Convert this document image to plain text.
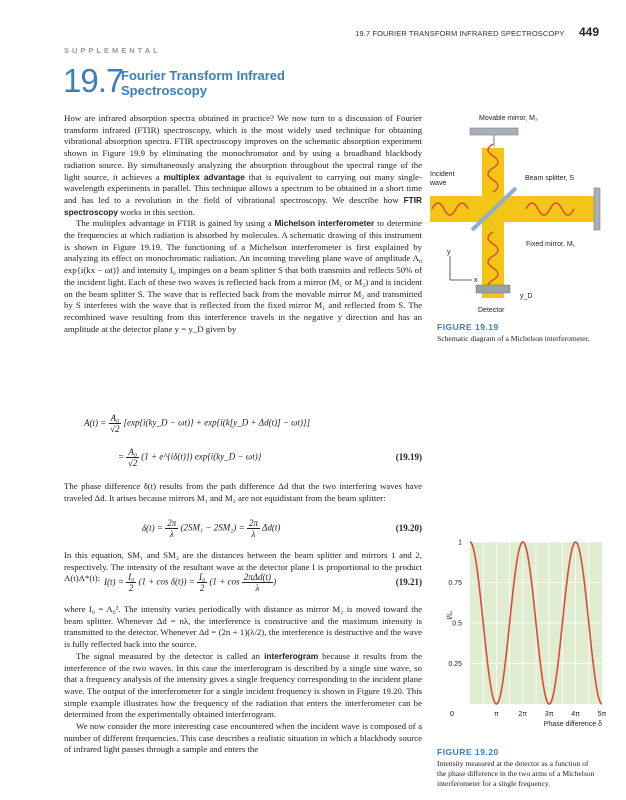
19.7 FOURIER TRANSFORM INFRARED SPECTROSCOPY 449
SUPPLEMENTAL
19.7
Fourier Transform Infrared
Spectroscopy

How are infrared absorption spectra obtained in practice? We now turn to a discussion of Fourier transform infrared (FTIR) spectroscopy, which is the most widely used technique for obtaining vibrational absorption spectra. FTIR spectroscopy improves on the schematic absorption experiment shown in Figure 19.9 by eliminating the monochromator and by using a broadband blackbody radiation source. By simultaneously analyzing the absorption throughout the spectral range of the light source, it achieves a multiplex advantage that is equivalent to carrying out many single-wavelength experiments in parallel. This technique allows a spectrum to be obtained in a short time and has led to a revolution in the field of vibrational spectroscopy. We describe how FTIR spectroscopy works in this section.

The multiplex advantage in FTIR is gained by using a Michelson interferometer to determine the frequencies at which radiation is absorbed by molecules. A schematic drawing of this instrument is shown in Figure 19.19. The functioning of a Michelson interferometer is first explained by analyzing its effect on monochromatic radiation. An incoming traveling plane wave of amplitude A₀ exp{i(kx − ωt)} and intensity I₀ impinges on a beam splitter S that both transmits and reflects 50% of the incident light. Each of these two waves is reflected back from a mirror (M₁ or M₂) and is incident on the beam splitter S. The wave that is reflected back from the movable mirror M₂ and transmitted by S interferes with the wave that is reflected from the fixed mirror M₁ and reflected from S. The recombined wave resulting from this interference travels in the negative y direction and has an amplitude at the detector plane y = y_D given by

$A(t) = \frac{\text{A₀}}{√2}$ [exp{i(ky_D − ωt)} + exp{i(k[y_D + Δd(t)] − ωt)}]
= $\frac{\text{A₀}}{√2} (1$ + e^{iδ(t)}) exp{i(ky_D − ωt)}	(19.19)

The phase difference δ(t) results from the path difference Δd that the two interfering waves have traveled Δd. It arises because mirrors M₁ and M₂ are not equidistant from the beam splitter:

$\delta(t) = \frac{2\pi}{\lambda} (2SM_1 - 2SM_2) = \frac{2\pi}{\lambda} \Delta d(t)$	(19.20)

In this equation, SM₁ and SM₂ are the distances between the beam splitter and mirrors 1 and 2, respectively. The intensity of the resultant wave at the detector plane I is proportional to the product A(t)A*(t): $I(t) = \frac{\text{I₀}}{2} (1 + \cos \delta(t)) = \frac{\text{I₀}}{2} (1 + \cos \frac{\text{2πΔd(t)}}{\lambda}$ )	(19.21)

where I₀ = A₀². The intensity varies periodically with distance as mirror M₂ is moved toward the beam splitter. Whenever Δd = nλ, the interference is constructive and the maximum intensity is transmitted to the detector. Whenever Δd = (2n + 1)(λ/2), the interference is destructive and the wave is fully reflected back into the source.

The signal measured by the detector is called an interferogram because it results from the interference of the two waves. In this case the interferogram is described by a single sine wave, so that a frequency analysis of the intensity gives a single frequency corresponding to the incident plane wave. The output of the interferometer for a single incident frequency is shown in Figure 19.20. This simple example illustrates how the frequency of the radiation that enters the interferometer can be determined from the experimentally obtained interferogram.

We now consider the more interesting case encountered when the incident wave is composed of a number of different frequencies. This case describes a realistic situation in which a blackbody source of infrared light passes through a sample and enters the

Movable mirror, M₂
Incident
wave
Beam splitter, S
Fixed mirror, M₁
y
x
y_D
Detector
FIGURE 19.19
Schematic diagram of a Michelson interferometer.
0.25
0.5
0.75
1
0	π	2π	3π	4π	5π
I/I₀
Phase difference δ
FIGURE 19.20
Intensity measured at the detector as a function of the phase difference in the two arms of a Michelson interferometer for a single frequency.
